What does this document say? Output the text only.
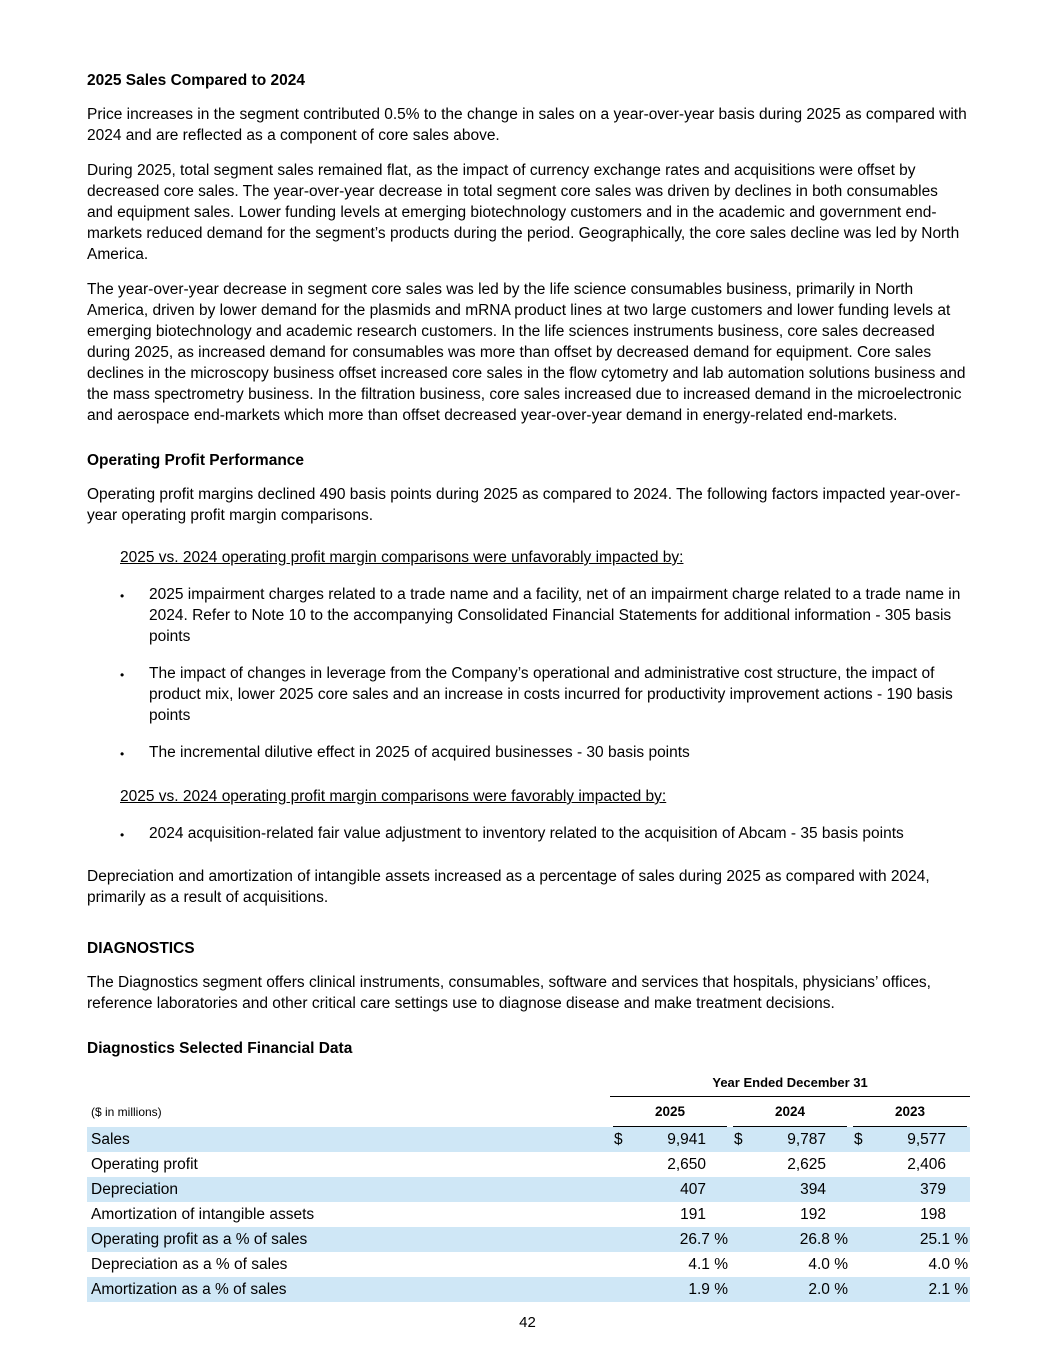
2025 Sales Compared to 2024

Price increases in the segment contributed 0.5% to the change in sales on a year-over-year basis during 2025 as compared with 2024 and are reflected as a component of core sales above.

During 2025, total segment sales remained flat, as the impact of currency exchange rates and acquisitions were offset by decreased core sales. The year-over-year decrease in total segment core sales was driven by declines in both consumables and equipment sales. Lower funding levels at emerging biotechnology customers and in the academic and government end-markets reduced demand for the segment’s products during the period. Geographically, the core sales decline was led by North America.

The year-over-year decrease in segment core sales was led by the life science consumables business, primarily in North America, driven by lower demand for the plasmids and mRNA product lines at two large customers and lower funding levels at emerging biotechnology and academic research customers. In the life sciences instruments business, core sales decreased during 2025, as increased demand for consumables was more than offset by decreased demand for equipment. Core sales declines in the microscopy business offset increased core sales in the flow cytometry and lab automation solutions business and the mass spectrometry business. In the filtration business, core sales increased due to increased demand in the microelectronic and aerospace end-markets which more than offset decreased year-over-year demand in energy-related end-markets.

Operating Profit Performance

Operating profit margins declined 490 basis points during 2025 as compared to 2024. The following factors impacted year-over-year operating profit margin comparisons.

2025 vs. 2024 operating profit margin comparisons were unfavorably impacted by:
•	2025 impairment charges related to a trade name and a facility, net of an impairment charge related to a trade name in 2024. Refer to Note 10 to the accompanying Consolidated Financial Statements for additional information - 305 basis points
•	The impact of changes in leverage from the Company’s operational and administrative cost structure, the impact of product mix, lower 2025 core sales and an increase in costs incurred for productivity improvement actions - 190 basis points
•	The incremental dilutive effect in 2025 of acquired businesses - 30 basis points
2025 vs. 2024 operating profit margin comparisons were favorably impacted by:
•	2024 acquisition-related fair value adjustment to inventory related to the acquisition of Abcam - 35 basis points

Depreciation and amortization of intangible assets increased as a percentage of sales during 2025 as compared with 2024, primarily as a result of acquisitions.

DIAGNOSTICS

The Diagnostics segment offers clinical instruments, consumables, software and services that hospitals, physicians’ offices, reference laboratories and other critical care settings use to diagnose disease and make treatment decisions.

Diagnostics Selected Financial Data

	Year Ended December 31								

($ in millions)	2025			2024			2023		

Sales	$	9,941		$	9,787		$	9,577	
Operating profit		2,650			2,625			2,406	
Depreciation		407			394			379	
Amortization of intangible assets		191			192			198	
Operating profit as a % of sales		26.7 %			26.8 %			25.1 %	
Depreciation as a % of sales		4.1 %			4.0 %			4.0 %	
Amortization as a % of sales		1.9 %			2.0 %			2.1 %	
42
